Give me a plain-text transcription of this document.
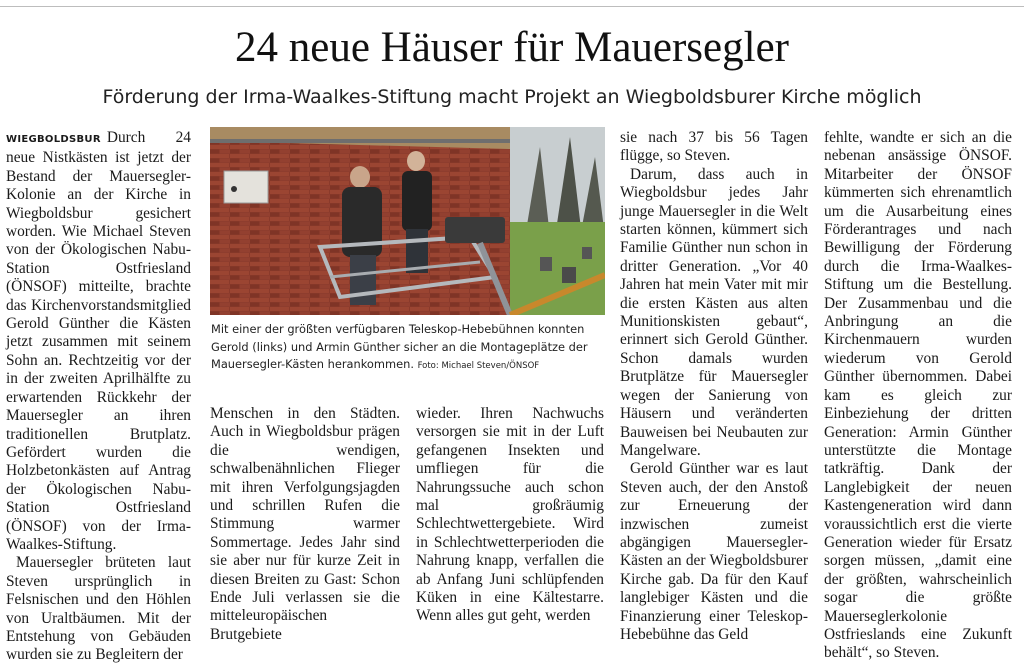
24 neue Häuser für Mauersegler
Förderung der Irma-Waalkes-Stiftung macht Projekt an Wiegboldsburer Kirche möglich

WIEGBOLDSBUR Durch 24 neue Nistkästen ist jetzt der Bestand der Mauersegler-Kolonie an der Kirche in Wiegboldsbur gesichert worden. Wie Michael Steven von der Ökologischen Nabu-Station Ostfriesland (ÖNSOF) mitteilte, brachte das Kirchenvorstandsmitglied Gerold Günther die Kästen jetzt zusammen mit seinem Sohn an. Rechtzeitig vor der in der zweiten Aprilhälfte zu erwartenden Rückkehr der Mauersegler an ihren traditionellen Brutplatz. Gefördert wurden die Holzbetonkästen auf Antrag der Ökologischen Nabu-Station Ostfriesland (ÖNSOF) von der Irma-Waalkes-Stiftung.

Mauersegler brüteten laut Steven ursprünglich in Felsnischen und den Höhlen von Uraltbäumen. Mit der Entstehung von Gebäuden wurden sie zu Begleitern der

Mit einer der größten verfügbaren Teleskop-Hebebühnen konnten Gerold (links) und Armin Günther sicher an die Montageplätze der Mauersegler-Kästen herankommen. Foto: Michael Steven/ÖNSOF

Menschen in den Städten. Auch in Wiegboldsbur prägen die wendigen, schwalbenähnlichen Flieger mit ihren Verfolgungsjagden und schrillen Rufen die Stimmung warmer Sommertage. Jedes Jahr sind sie aber nur für kurze Zeit in diesen Breiten zu Gast: Schon Ende Juli verlassen sie die mitteleuropäischen Brutgebiete

wieder. Ihren Nachwuchs versorgen sie mit in der Luft gefangenen Insekten und umfliegen für die Nahrungssuche auch schon mal großräumig Schlechtwettergebiete. Wird in Schlechtwetterperioden die Nahrung knapp, verfallen die ab Anfang Juni schlüpfenden Küken in eine Kältestarre. Wenn alles gut geht, werden

sie nach 37 bis 56 Tagen flügge, so Steven.

Darum, dass auch in Wiegboldsbur jedes Jahr junge Mauersegler in die Welt starten können, kümmert sich Familie Günther nun schon in dritter Generation. „Vor 40 Jahren hat mein Vater mit mir die ersten Kästen aus alten Munitionskisten gebaut“, erinnert sich Gerold Günther. Schon damals wurden Brutplätze für Mauersegler wegen der Sanierung von Häusern und veränderten Bauweisen bei Neubauten zur Mangelware.

Gerold Günther war es laut Steven auch, der den Anstoß zur Erneuerung der inzwischen zumeist abgängigen Mauersegler-Kästen an der Wiegboldsburer Kirche gab. Da für den Kauf langlebiger Kästen und die Finanzierung einer Teleskop-Hebebühne das Geld

fehlte, wandte er sich an die nebenan ansässige ÖNSOF. Mitarbeiter der ÖNSOF kümmerten sich ehrenamtlich um die Ausarbeitung eines Förderantrages und nach Bewilligung der Förderung durch die Irma-Waalkes-Stiftung um die Bestellung. Der Zusammenbau und die Anbringung an die Kirchenmauern wurden wiederum von Gerold Günther übernommen. Dabei kam es gleich zur Einbeziehung der dritten Generation: Armin Günther unterstützte die Montage tatkräftig. Dank der Langlebigkeit der neuen Kastengeneration wird dann voraussichtlich erst die vierte Generation wieder für Ersatz sorgen müssen, „damit eine der größten, wahrscheinlich sogar die größte Mauerseglerkolonie Ostfrieslands eine Zukunft behält“, so Steven.
